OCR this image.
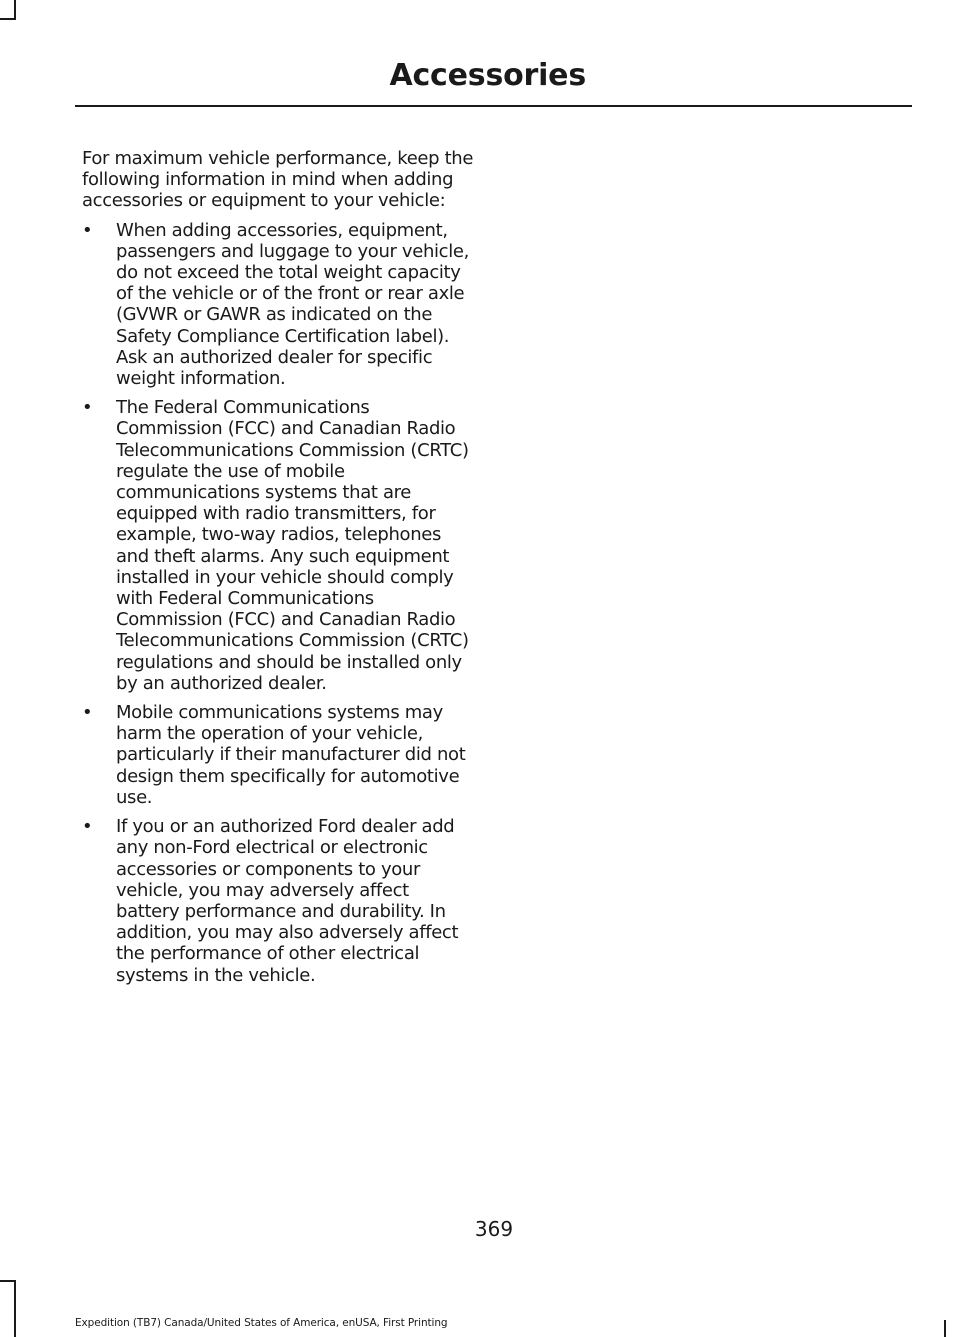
Accessories

For maximum vehicle performance, keep the following information in mind when adding accessories or equipment to your vehicle:

• When adding accessories, equipment, passengers and luggage to your vehicle, do not exceed the total weight capacity of the vehicle or of the front or rear axle (GVWR or GAWR as indicated on the Safety Compliance Certification label). Ask an authorized dealer for specific weight information.
• The Federal Communications Commission (FCC) and Canadian Radio Telecommunications Commission (CRTC) regulate the use of mobile communications systems that are equipped with radio transmitters, for example, two-way radios, telephones and theft alarms. Any such equipment installed in your vehicle should comply with Federal Communications Commission (FCC) and Canadian Radio Telecommunications Commission (CRTC) regulations and should be installed only by an authorized dealer.
• Mobile communications systems may harm the operation of your vehicle, particularly if their manufacturer did not design them specifically for automotive use.
• If you or an authorized Ford dealer add any non-Ford electrical or electronic accessories or components to your vehicle, you may adversely affect battery performance and durability. In addition, you may also adversely affect the performance of other electrical systems in the vehicle.
369
Expedition (TB7) Canada/United States of America, enUSA, First Printing
